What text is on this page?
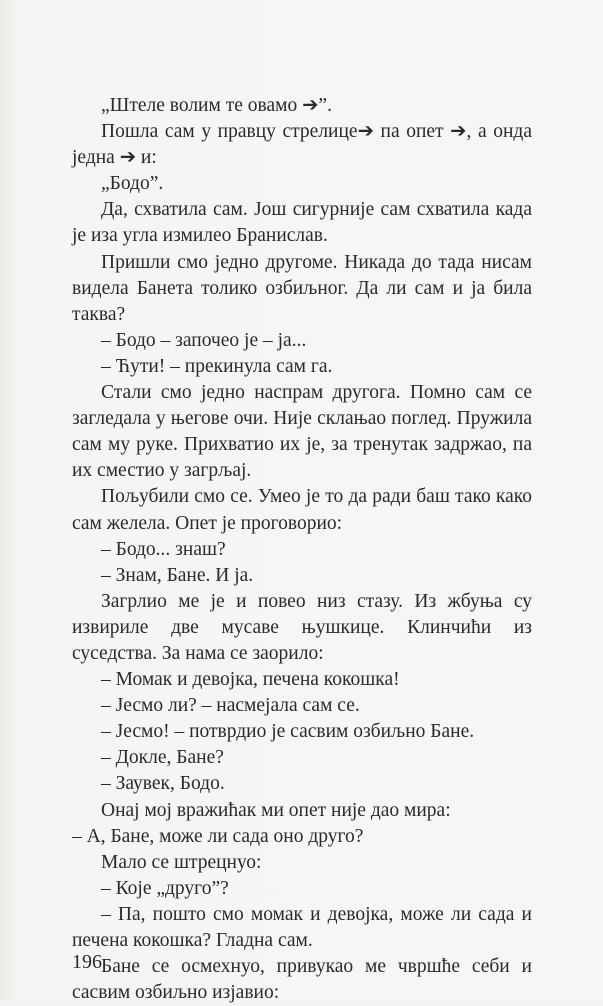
„Штеле волим те овамо ➔”.

Пошла сам у правцу стрелице➔ па опет ➔, а онда једна ➔ и:

„Бодо”.

Да, схватила сам. Још сигурније сам схватила када је иза угла измилео Бранислав.

Пришли смо једно другоме. Никада до тада нисам видела Банета толико озбиљног. Да ли сам и ја била таква?

– Бодо – започео је – ја...

– Ћути! – прекинула сам га.

Стали смо једно наспрам другога. Помно сам се загледала у његове очи. Није склањао поглед. Пружила сам му руке. Прихватио их је, за тренутак задржао, па их сместио у загрљај.

Пољубили смо се. Умео је то да ради баш тако како сам желела. Опет је проговорио:

– Бодо... знаш?

– Знам, Бане. И ја.

Загрлио ме је и повео низ стазу. Из жбуња су извириле две мусаве њушкице. Клинчићи из суседства. За нама се заорило:

– Момак и девојка, печена кокошка!

– Јесмо ли? – насмејала сам се.

– Јесмо! – потврдио је сасвим озбиљно Бане.

– Докле, Бане?

– Заувек, Бодо.

Онај мој вражићак ми опет није дао мира:

– А, Бане, може ли сада оно друго?

Мало се штрецнуо:

– Које „друго”?

– Па, пошто смо момак и девојка, може ли сада и печена кокошка? Гладна сам.

Бане се осмехнуо, привукао ме чвршће себи и сасвим озбиљно изјавио:

196
